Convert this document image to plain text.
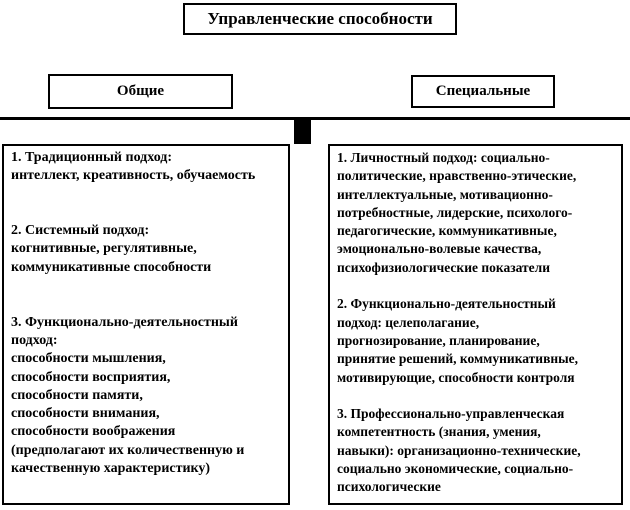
Управленческие способности
Общие	Специальные
1. Традиционный подход:
интеллект, креативность, обучаемость

2. Системный подход:
когнитивные, регулятивные,
коммуникативные способности

3. Функционально-деятельностный
подход:
способности мышления,
способности восприятия,
способности памяти,
способности внимания,
способности воображения
(предполагают их количественную и
качественную характеристику)
1. Личностный подход: социально-
политические, нравственно-этические,
интеллектуальные, мотивационно-
потребностные, лидерские, психолого-
педагогические, коммуникативные,
эмоционально-волевые качества,
психофизиологические показатели

2. Функционально-деятельностный
подход: целеполагание,
прогнозирование, планирование,
принятие решений, коммуникативные,
мотивирующие, способности контроля

3. Профессионально-управленческая
компетентность (знания, умения,
навыки): организационно-технические,
социально экономические, социально-
психологические
